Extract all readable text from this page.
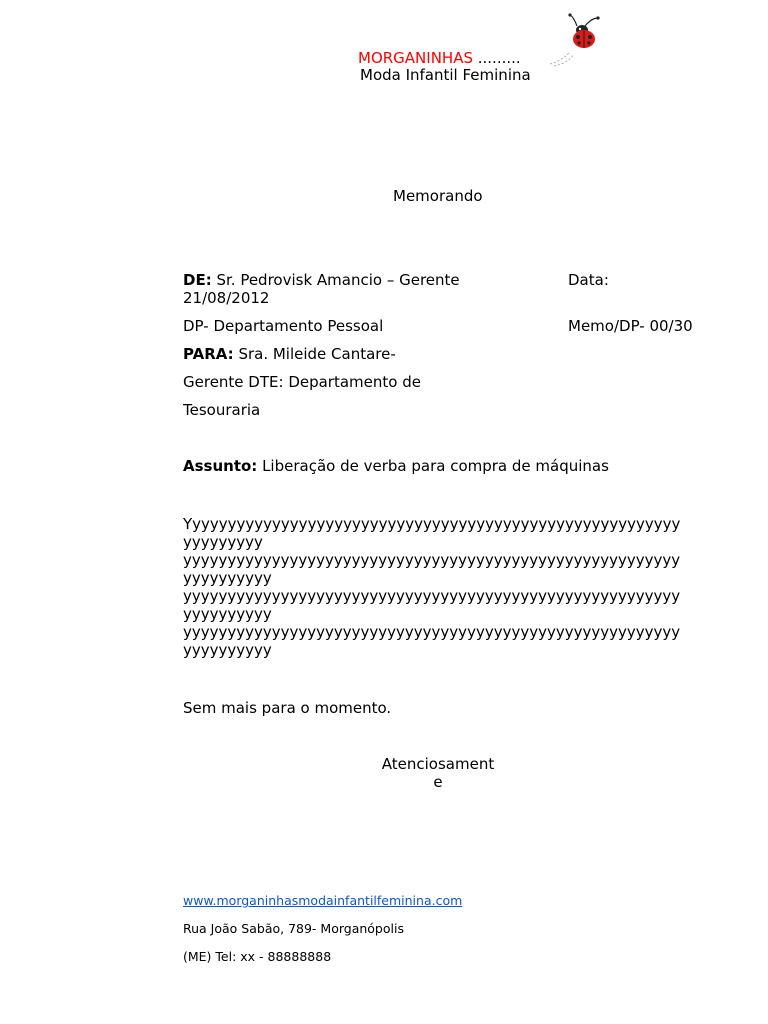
MORGANINHAS .........
Moda Infantil Feminina
Memorando
DE: Sr. Pedrovisk Amancio – Gerente	Data:
21/08/2012
DP- Departamento Pessoal	Memo/DP- 00/30
PARA: Sra. Mileide Cantare-
Gerente DTE: Departamento de
Tesouraria
Assunto: Liberação de verba para compra de máquinas
Yyyyyyyyyyyyyyyyyyyyyyyyyyyyyyyyyyyyyyyyyyyyyyyyyyyyyyyyyyyyyyyyy
yyyyyyyyyyyyyyyyyyyyyyyyyyyyyyyyyyyyyyyyyyyyyyyyyyyyyyyyyyyyyyyyyy
yyyyyyyyyyyyyyyyyyyyyyyyyyyyyyyyyyyyyyyyyyyyyyyyyyyyyyyyyyyyyyyyyy
yyyyyyyyyyyyyyyyyyyyyyyyyyyyyyyyyyyyyyyyyyyyyyyyyyyyyyyyyyyyyyyyyy
Sem mais para o momento.
Atenciosamente
www.morganinhasmodainfantilfeminina.com
Rua João Sabão, 789- Morganópolis
(ME) Tel: xx - 88888888
